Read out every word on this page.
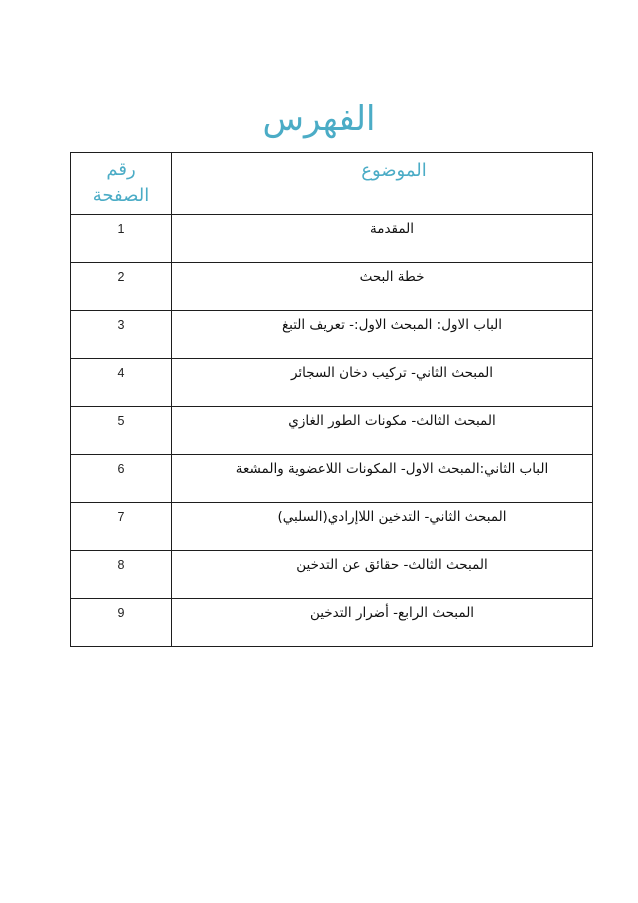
الفهرس
الموضوع	رقم
الصفحة

المقدمة	1
خطة البحث	2
الباب الاول: المبحث الاول:- تعريف التبغ	3
المبحث الثاني- تركيب دخان السجائر	4
المبحث الثالث- مكونات الطور الغازي	5
الباب الثاني:المبحث الاول- المكونات اللاعضوية والمشعة	6
المبحث الثاني- التدخين اللاإرادي(السلبي)	7
المبحث الثالث- حقائق عن التدخين	8
المبحث الرابع- أضرار التدخين	9
